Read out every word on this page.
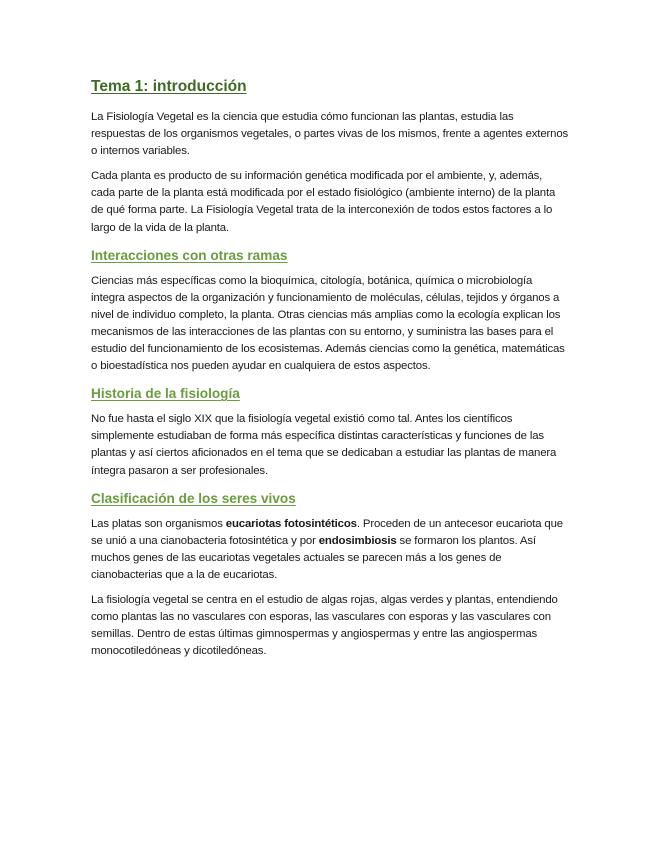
Tema 1: introducción

La Fisiología Vegetal es la ciencia que estudia cómo funcionan las plantas, estudia las respuestas de los organismos vegetales, o partes vivas de los mismos, frente a agentes externos o internos variables.

Cada planta es producto de su información genética modificada por el ambiente, y, además, cada parte de la planta está modificada por el estado fisiológico (ambiente interno) de la planta de qué forma parte. La Fisiología Vegetal trata de la interconexión de todos estos factores a lo largo de la vida de la planta.

Interacciones con otras ramas

Ciencias más específicas como la bioquímica, citología, botánica, química o microbiología integra aspectos de la organización y funcionamiento de moléculas, células, tejidos y órganos a nivel de individuo completo, la planta. Otras ciencias más amplias como la ecología explican los mecanismos de las interacciones de las plantas con su entorno, y suministra las bases para el estudio del funcionamiento de los ecosistemas. Además ciencias como la genética, matemáticas o bioestadística nos pueden ayudar en cualquiera de estos aspectos.

Historia de la fisiología

No fue hasta el siglo XIX que la fisiología vegetal existió como tal. Antes los científicos simplemente estudiaban de forma más específica distintas características y funciones de las plantas y así ciertos aficionados en el tema que se dedicaban a estudiar las plantas de manera íntegra pasaron a ser profesionales.

Clasificación de los seres vivos

Las platas son organismos eucariotas fotosintéticos. Proceden de un antecesor eucariota que se unió a una cianobacteria fotosintética y por endosimbiosis se formaron los plantos. Así muchos genes de las eucariotas vegetales actuales se parecen más a los genes de cianobacterias que a la de eucariotas.

La fisiología vegetal se centra en el estudio de algas rojas, algas verdes y plantas, entendiendo como plantas las no vasculares con esporas, las vasculares con esporas y las vasculares con semillas. Dentro de estas últimas gimnospermas y angiospermas y entre las angiospermas monocotiledóneas y dicotiledóneas.
